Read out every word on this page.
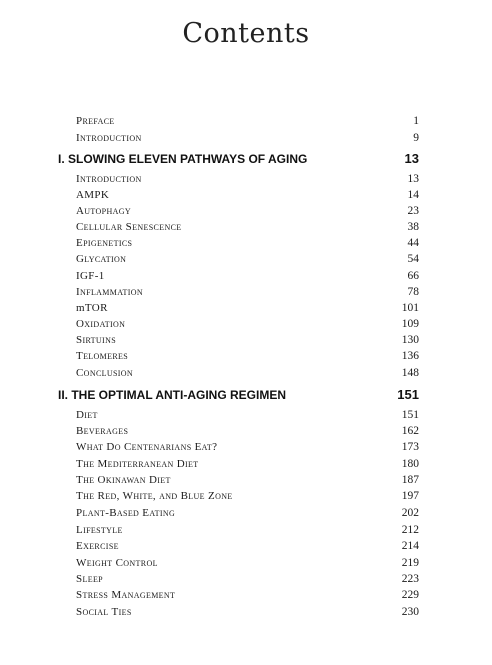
Contents
Preface	1
Introduction	9
I. SLOWING ELEVEN PATHWAYS OF AGING	13
Introduction	13
AMPK	14
Autophagy	23
Cellular Senescence	38
Epigenetics	44
Glycation	54
IGF-1	66
Inflammation	78
mTOR	101
Oxidation	109
Sirtuins	130
Telomeres	136
Conclusion	148
II. THE OPTIMAL ANTI-AGING REGIMEN	151
Diet	151
Beverages	162
What Do Centenarians Eat?	173
The Mediterranean Diet	180
The Okinawan Diet	187
The Red, White, and Blue Zone	197
Plant-Based Eating	202
Lifestyle	212
Exercise	214
Weight Control	219
Sleep	223
Stress Management	229
Social Ties	230
